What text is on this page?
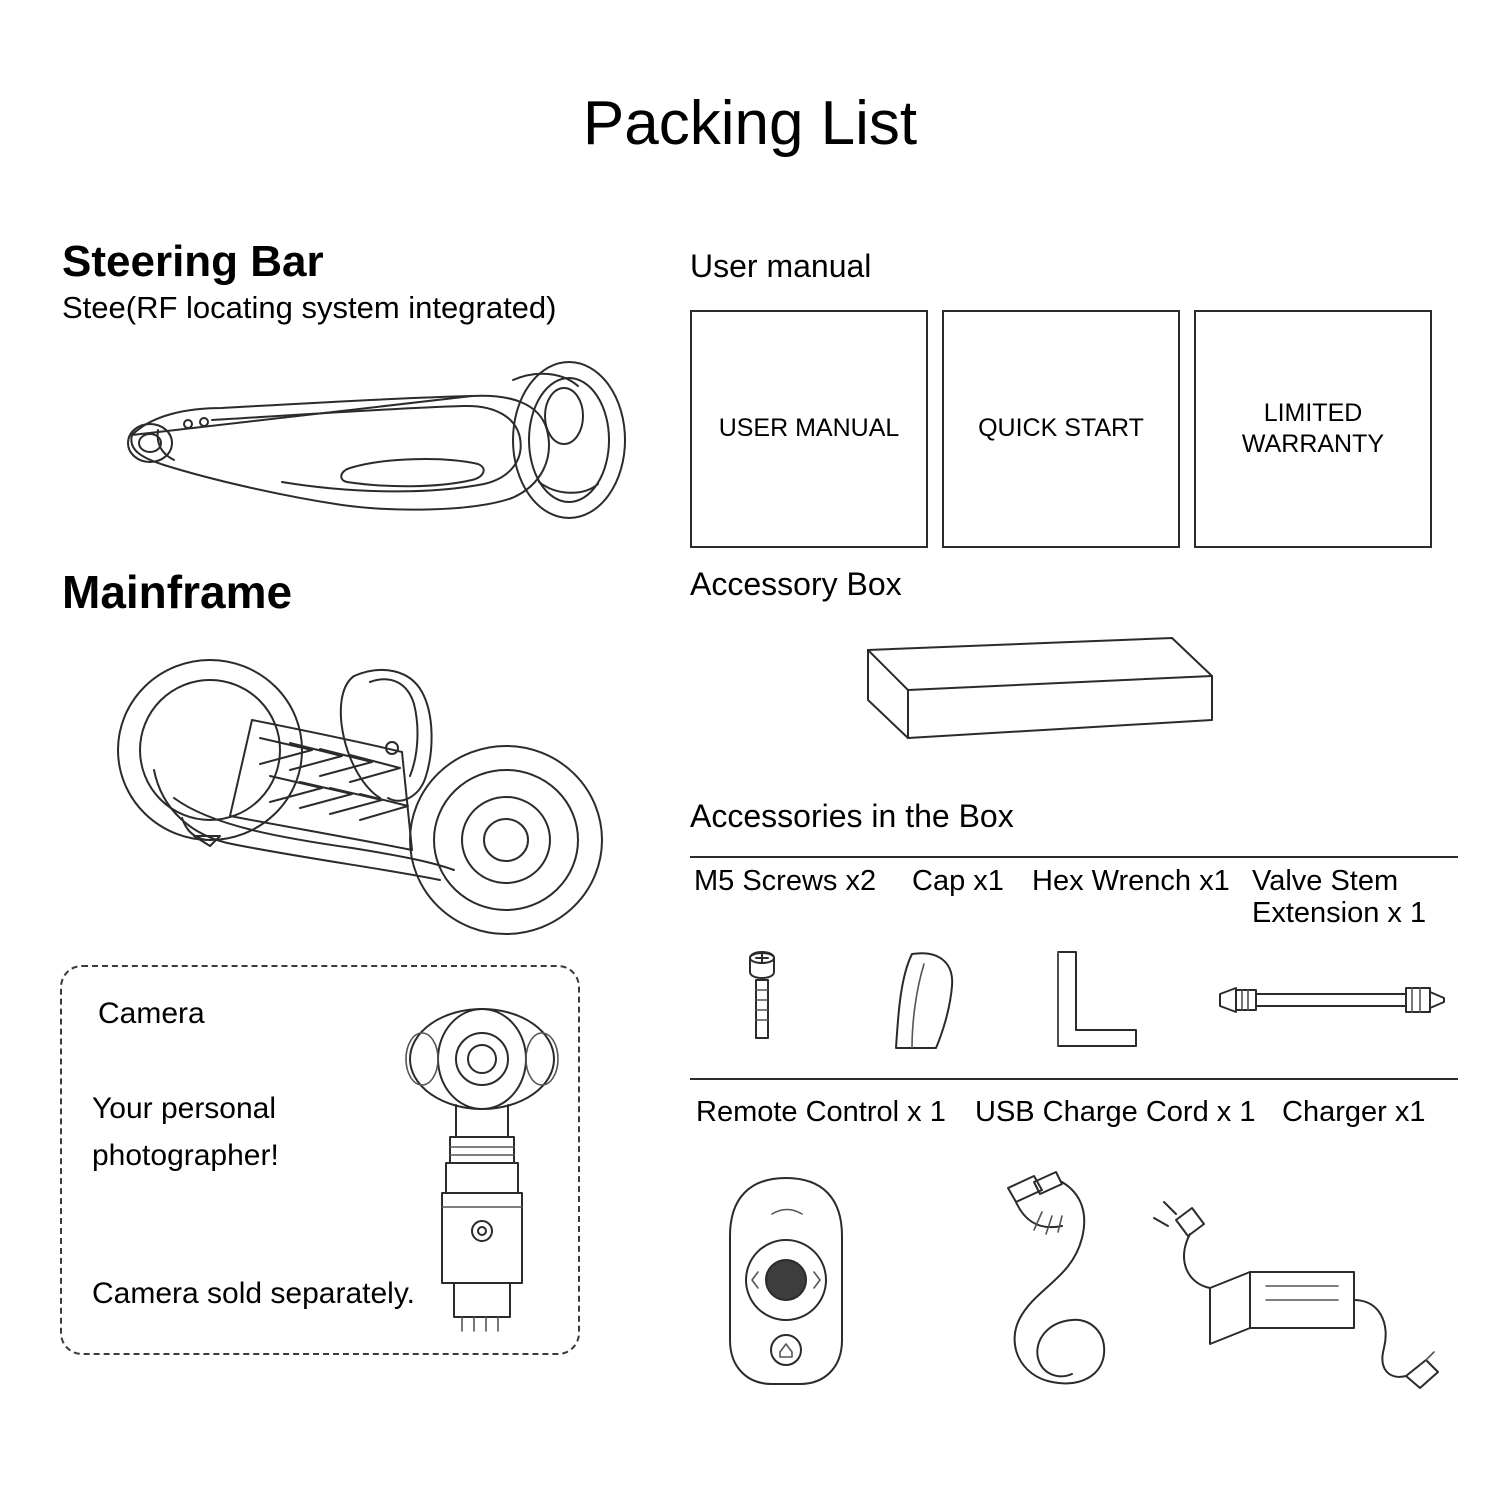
Packing List
Steering Bar
Stee(RF locating system integrated)
Mainframe
Camera
Your personal
photographer!
Camera sold separately.
User manual
USER MANUAL	QUICK START
LIMITED WARRANTY
Accessory Box
Accessories in the Box
M5 Screws x2 Cap x1 Hex Wrench x1 Valve Stem Extension x 1
Remote Control x 1 USB Charge Cord x 1 Charger x1
